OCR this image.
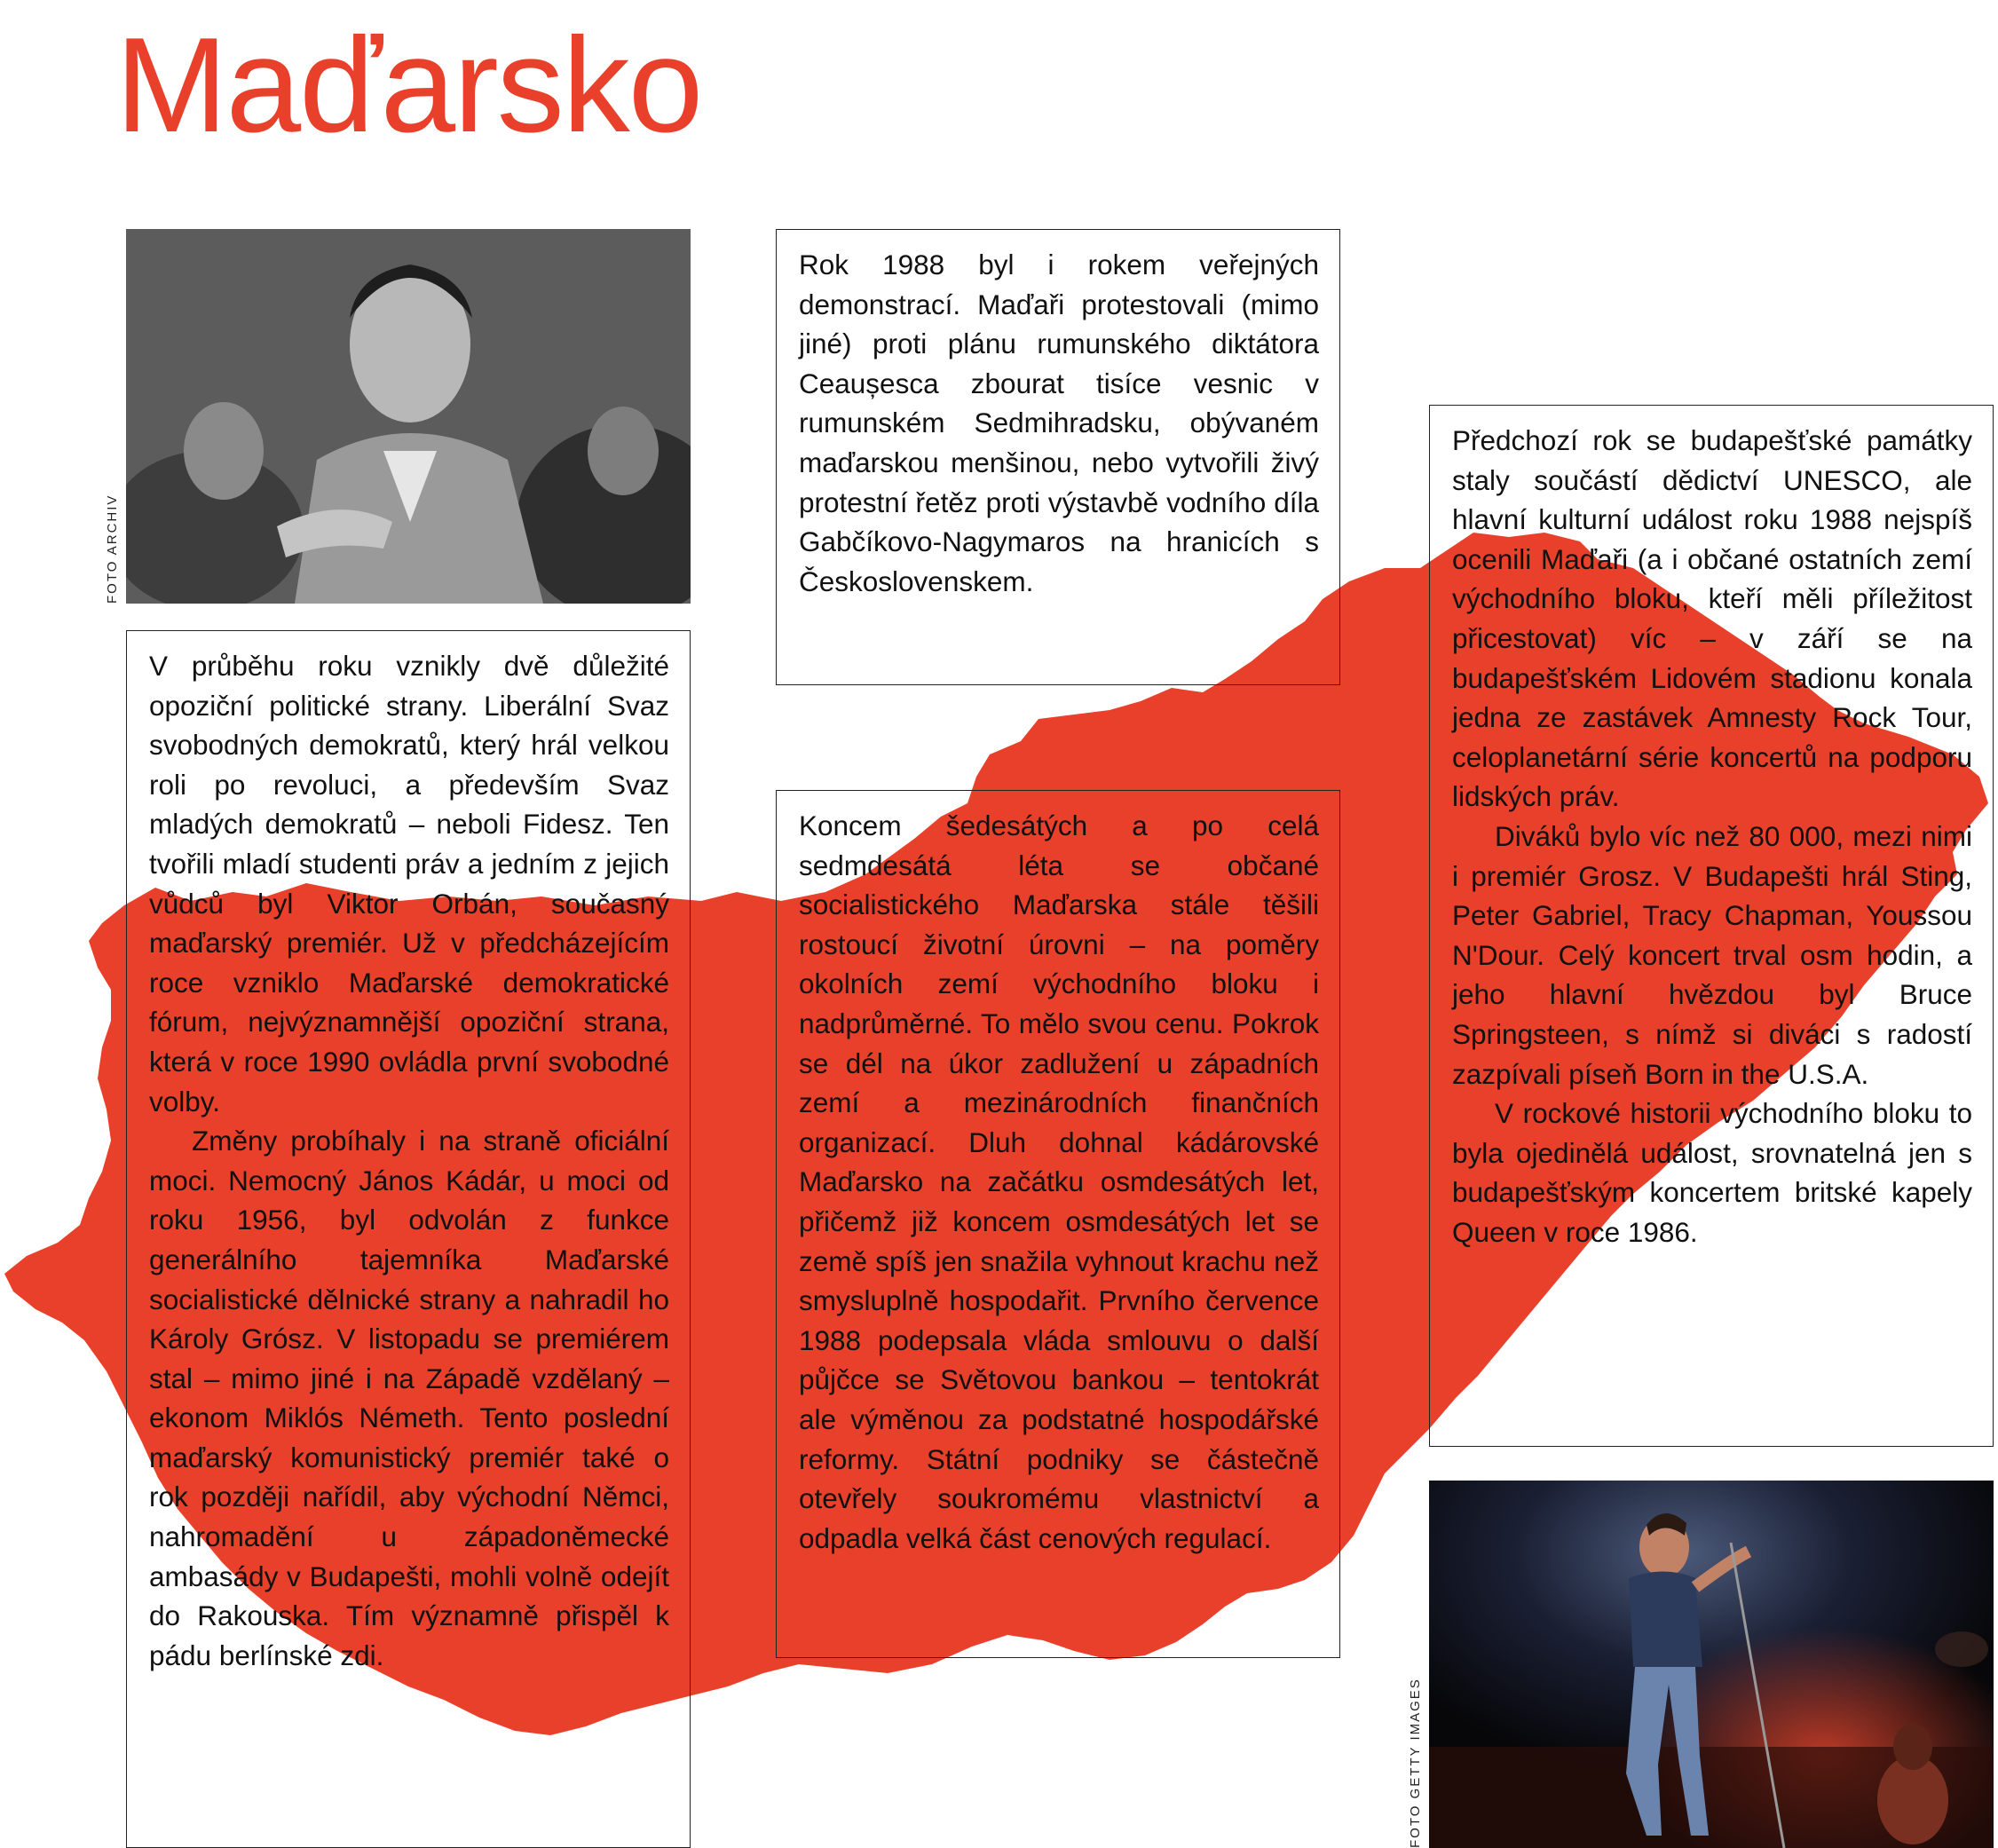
Maďarsko
FOTO ARCHIV

V průběhu roku vznikly dvě důležité opoziční politické strany. Liberální Svaz svobodných demokratů, který hrál velkou roli po revoluci, a především Svaz mladých demokratů – neboli Fidesz. Ten tvořili mladí studenti práv a jedním z jejich vůdců byl Viktor Orbán, současný maďarský premiér. Už v předcházejícím roce vzniklo Maďarské demokratické fórum, nejvýznamnější opoziční strana, která v roce 1990 ovládla první svobodné volby.

Změny probíhaly i na straně oficiální moci. Nemocný János Kádár, u moci od roku 1956, byl odvolán z funkce generálního tajemníka Maďarské socialistické dělnické strany a nahradil ho Károly Grósz. V listopadu se premiérem stal – mimo jiné i na Západě vzdělaný – ekonom Miklós Németh. Tento poslední maďarský komunistický premiér také o rok později nařídil, aby východní Němci, nahromadění u západoněmecké ambasády v Budapešti, mohli volně odejít do Rakouska. Tím významně přispěl k pádu berlínské zdi.

Rok 1988 byl i rokem veřejných demonstrací. Maďaři protestovali (mimo jiné) proti plánu rumunského diktátora Ceaușesca zbourat tisíce vesnic v rumunském Sedmihradsku, obývaném maďarskou menšinou, nebo vytvořili živý protestní řetěz proti výstavbě vodního díla Gabčíkovo-Nagymaros na hranicích s Československem.

Koncem šedesátých a po celá sedmdesátá léta se občané socialistického Maďarska stále těšili rostoucí životní úrovni – na poměry okolních zemí východního bloku i nadprůměrné. To mělo svou cenu. Pokrok se dél na úkor zadlužení u západních zemí a mezinárodních finančních organizací. Dluh dohnal kádárovské Maďarsko na začátku osmdesátých let, přičemž již koncem osmdesátých let se země spíš jen snažila vyhnout krachu než smysluplně hospodařit. Prvního července 1988 podepsala vláda smlouvu o další půjčce se Světovou bankou – tentokrát ale výměnou za podstatné hospodářské reformy. Státní podniky se částečně otevřely soukromému vlastnictví a odpadla velká část cenových regulací.

Předchozí rok se budapešťské památky staly součástí dědictví UNESCO, ale hlavní kulturní událost roku 1988 nejspíš ocenili Maďaři (a i občané ostatních zemí východního bloku, kteří měli příležitost přicestovat) víc – v září se na budapešťském Lidovém stadionu konala jedna ze zastávek Amnesty Rock Tour, celoplanetární série koncertů na podporu lidských práv.

Diváků bylo víc než 80 000, mezi nimi i premiér Grosz. V Budapešti hrál Sting, Peter Gabriel, Tracy Chapman, Youssou N'Dour. Celý koncert trval osm hodin, a jeho hlavní hvězdou byl Bruce Springsteen, s nímž si diváci s radostí zazpívali píseň Born in the U.S.A.

V rockové historii východního bloku to byla ojedinělá událost, srovnatelná jen s budapešťským koncertem britské kapely Queen v roce 1986.

FOTO GETTY IMAGES
